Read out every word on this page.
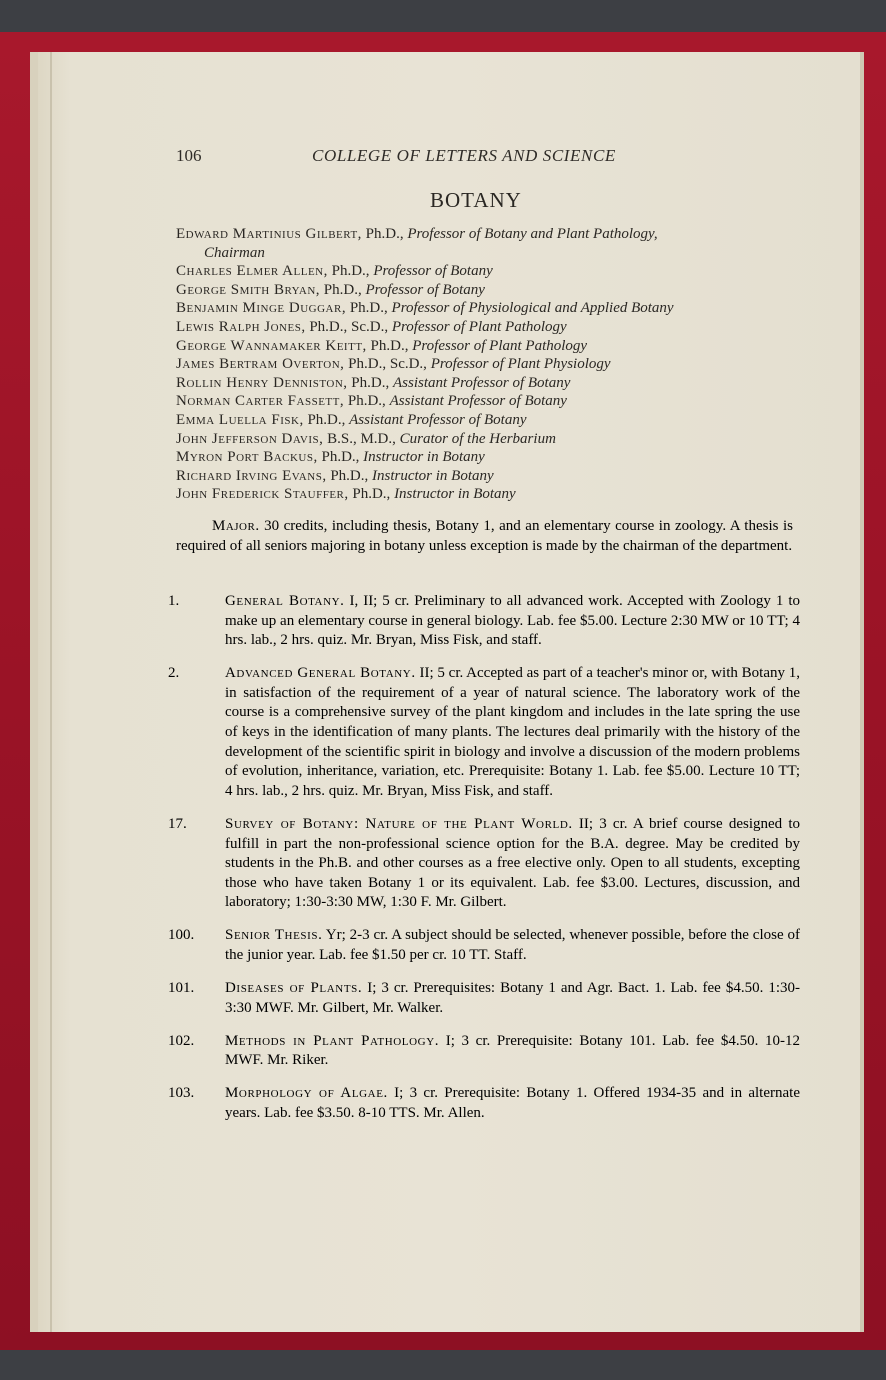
106	COLLEGE OF LETTERS AND SCIENCE
BOTANY
Edward Martinius Gilbert, Ph.D., Professor of Botany and Plant Pathology,
Chairman
Charles Elmer Allen, Ph.D., Professor of Botany
George Smith Bryan, Ph.D., Professor of Botany
Benjamin Minge Duggar, Ph.D., Professor of Physiological and Applied Botany
Lewis Ralph Jones, Ph.D., Sc.D., Professor of Plant Pathology
George Wannamaker Keitt, Ph.D., Professor of Plant Pathology
James Bertram Overton, Ph.D., Sc.D., Professor of Plant Physiology
Rollin Henry Denniston, Ph.D., Assistant Professor of Botany
Norman Carter Fassett, Ph.D., Assistant Professor of Botany
Emma Luella Fisk, Ph.D., Assistant Professor of Botany
John Jefferson Davis, B.S., M.D., Curator of the Herbarium
Myron Port Backus, Ph.D., Instructor in Botany
Richard Irving Evans, Ph.D., Instructor in Botany
John Frederick Stauffer, Ph.D., Instructor in Botany

Major. 30 credits, including thesis, Botany 1, and an elementary course in zoology. A thesis is required of all seniors majoring in botany unless exception is made by the chairman of the department.

1.	General Botany. I, II; 5 cr. Preliminary to all advanced work. Accepted with Zoology 1 to make up an elementary course in general biology. Lab. fee $5.00. Lecture 2:30 MW or 10 TT; 4 hrs. lab., 2 hrs. quiz. Mr. Bryan, Miss Fisk, and staff.

2.	Advanced General Botany. II; 5 cr. Accepted as part of a teacher's minor or, with Botany 1, in satisfaction of the requirement of a year of natural science. The laboratory work of the course is a comprehensive survey of the plant kingdom and includes in the late spring the use of keys in the identification of many plants. The lectures deal primarily with the history of the development of the scientific spirit in biology and involve a discussion of the modern problems of evolution, inheritance, variation, etc. Prerequisite: Botany 1. Lab. fee $5.00. Lecture 10 TT; 4 hrs. lab., 2 hrs. quiz. Mr. Bryan, Miss Fisk, and staff.

17.	Survey of Botany: Nature of the Plant World. II; 3 cr. A brief course designed to fulfill in part the non-professional science option for the B.A. degree. May be credited by students in the Ph.B. and other courses as a free elective only. Open to all students, excepting those who have taken Botany 1 or its equivalent. Lab. fee $3.00. Lectures, discussion, and laboratory; 1:30-3:30 MW, 1:30 F. Mr. Gilbert.

100.	Senior Thesis. Yr; 2-3 cr. A subject should be selected, whenever possible, before the close of the junior year. Lab. fee $1.50 per cr. 10 TT. Staff.

101.	Diseases of Plants. I; 3 cr. Prerequisites: Botany 1 and Agr. Bact. 1. Lab. fee $4.50. 1:30-3:30 MWF. Mr. Gilbert, Mr. Walker.

102.	Methods in Plant Pathology. I; 3 cr. Prerequisite: Botany 101. Lab. fee $4.50. 10-12 MWF. Mr. Riker.

103.	Morphology of Algae. I; 3 cr. Prerequisite: Botany 1. Offered 1934-35 and in alternate years. Lab. fee $3.50. 8-10 TTS. Mr. Allen.
